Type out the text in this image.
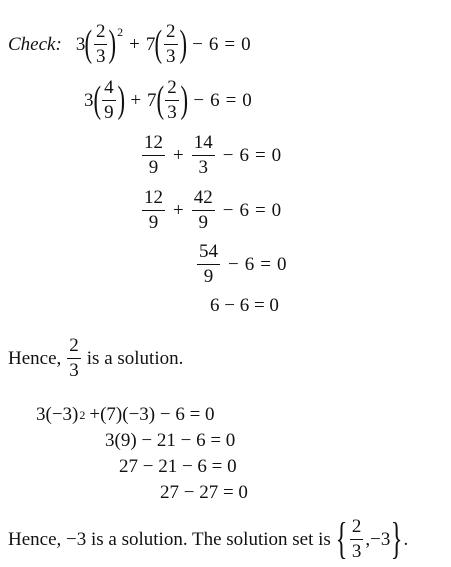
Check: 3 ( $\frac{2}{3}$ ) 2
+ 7 ( $\frac{2}{3}$ ) − 6 = 0
3 ( $\frac{4}{9}$ ) + 7 ( $\frac{2}{3}$ ) − 6 = 0
$\frac{12}{9} + \frac{14}{3} - 6 = 0$
$\frac{12}{9} + \frac{42}{9} - 6 = 0$
$\frac{54}{9} - 6 = 0$
6 − 6 = 0
Hence, $\frac{2}{3}$ is a solution.
3(−3) 2 +(7)(−3) − 6 = 0
3(9) − 21 − 6 = 0
27 − 21 − 6 = 0
27 − 27 = 0
Hence, −3 is a solution. The solution set is { $\frac{2}{3}$ , −3 } .
